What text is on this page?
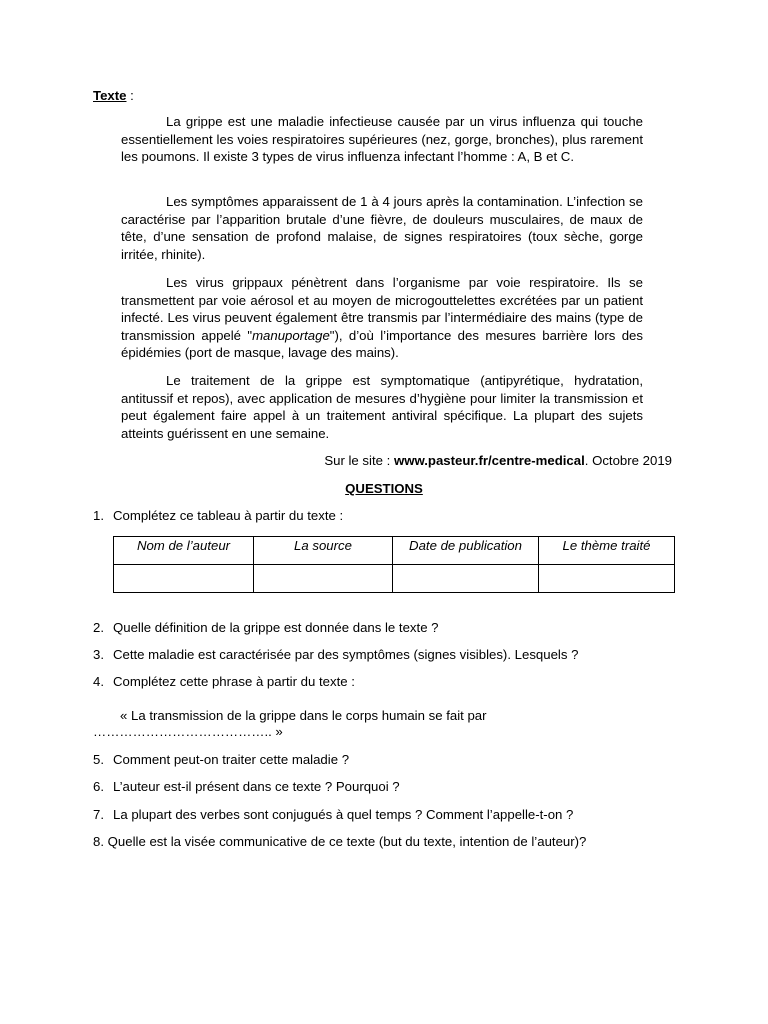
Texte :

La grippe est une maladie infectieuse causée par un virus influenza qui touche essentiellement les voies respiratoires supérieures (nez, gorge, bronches), plus rarement les poumons. Il existe 3 types de virus influenza infectant l’homme : A, B et C.

Les symptômes apparaissent de 1 à 4 jours après la contamination. L’infection se caractérise par l’apparition brutale d’une fièvre, de douleurs musculaires, de maux de tête, d’une sensation de profond malaise, de signes respiratoires (toux sèche, gorge irritée, rhinite).

Les virus grippaux pénètrent dans l’organisme par voie respiratoire. Ils se transmettent par voie aérosol et au moyen de microgouttelettes excrétées par un patient infecté. Les virus peuvent également être transmis par l’intermédiaire des mains (type de transmission appelé "manuportage"), d’où l’importance des mesures barrière lors des épidémies (port de masque, lavage des mains).

Le traitement de la grippe est symptomatique (antipyrétique, hydratation, antitussif et repos), avec application de mesures d’hygiène pour limiter la transmission et peut également faire appel à un traitement antiviral spécifique. La plupart des sujets atteints guérissent en une semaine.

Sur le site : www.pasteur.fr/centre-medical. Octobre 2019
QUESTIONS
1. Complétez ce tableau à partir du texte :
Nom de l’auteur	La source	Date de publication	Le thème traité

2. Quelle définition de la grippe est donnée dans le texte ?
3. Cette maladie est caractérisée par des symptômes (signes visibles). Lesquels ?
4. Complétez cette phrase à partir du texte :
« La transmission de la grippe dans le corps humain se fait par
………………………………….. »
5. Comment peut-on traiter cette maladie ?
6. L’auteur est-il présent dans ce texte ? Pourquoi ?
7. La plupart des verbes sont conjugués à quel temps ? Comment l’appelle-t-on ?
8. Quelle est la visée communicative de ce texte (but du texte, intention de l’auteur)?
